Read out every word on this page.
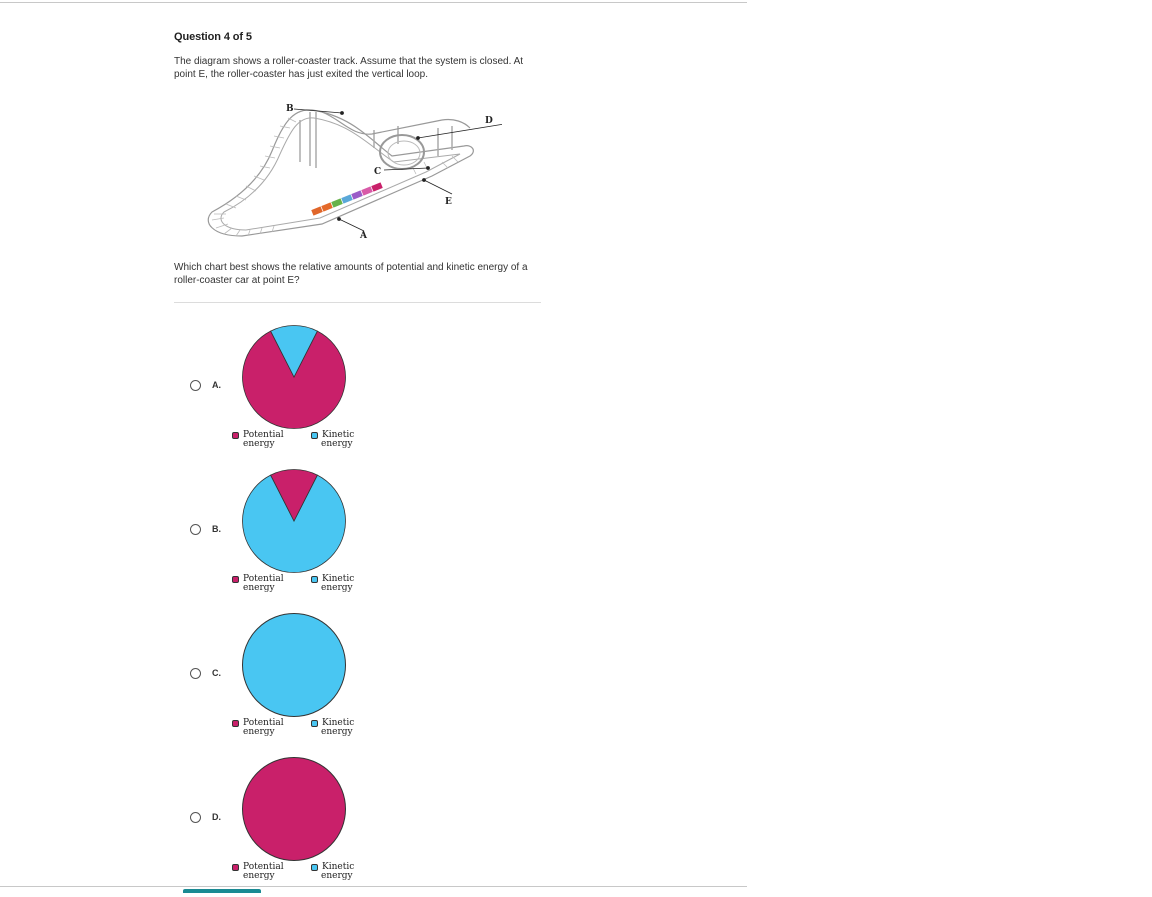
Question 4 of 5
The diagram shows a roller-coaster track. Assume that the system is closed. At point E, the roller-coaster has just exited the vertical loop.
B
D
C
E
A
Which chart best shows the relative amounts of potential and kinetic energy of a roller-coaster car at point E?
A.
Potential
energy
Kinetic
energy
B.
Potential
energy
Kinetic
energy
C.
Potential
energy
Kinetic
energy
D.
Potential
energy
Kinetic
energy
